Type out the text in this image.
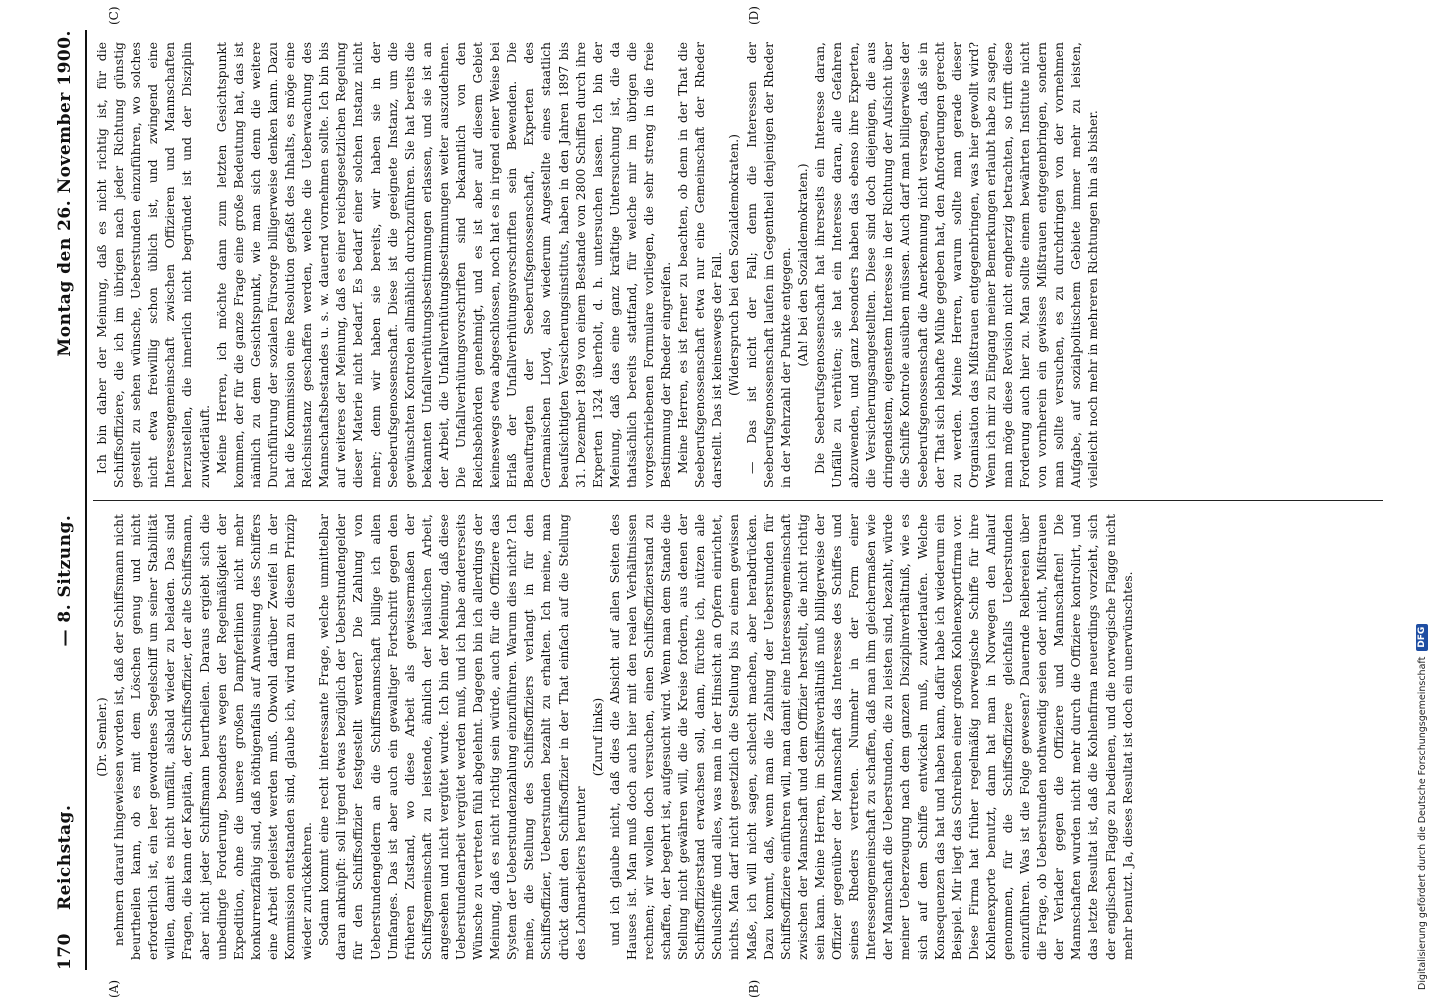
170
Reichstag.
— 8. Sitzung.
Montag den 26. November 1900.
(A)	(B)
(C)	(D)

(Dr. Semler.) nehmern darauf hingewiesen worden ist, daß der Schiffsmann nicht beurtheilen kann, ob es mit dem Löschen genug und nicht erforderlich ist, ein leer gewordenes Segelschiff um seiner Stabilität willen, damit es nicht umfällt, alsbald wieder zu beladen. Das sind Fragen, die kann der Kapitän, der Schiffsoffizier, der alte Schiffsmann, aber nicht jeder Schiffsmann beurtheilen. Daraus ergiebt sich die unbedingte Forderung, besonders wegen der Regelmäßigkeit der Expedition, ohne die unsere großen Dampferlinien nicht mehr konkurrenzfähig sind, daß nöthigenfalls auf Anweisung des Schiffers eine Arbeit geleistet werden muß. Obwohl darüber Zweifel in der Kommission entstanden sind, glaube ich, wird man zu diesem Prinzip wieder zurückkehren. Sodann kommt eine recht interessante Frage, welche unmittelbar daran anknüpft: soll irgend etwas bezüglich der Ueberstundengelder für den Schiffsoffizier festgestellt werden? Die Zahlung von Ueberstundengeldern an die Schiffsmannschaft billige ich allen Umfanges. Das ist aber auch ein gewaltiger Fortschritt gegen den früheren Zustand, wo diese Arbeit als gewissermaßen der Schiffsgemeinschaft zu leistende, ähnlich der häuslichen Arbeit, angesehen und nicht vergütet wurde. Ich bin der Meinung, daß diese Ueberstundenarbeit vergütet werden muß, und ich habe andererseits Wünsche zu vertreten fühl abgelehnt. Dagegen bin ich allerdings der Meinung, daß es nicht richtig sein würde, auch für die Offiziere das System der Ueberstundenzahlung einzuführen. Warum dies nicht? Ich meine, die Stellung des Schiffsoffiziers verlangt in für den Schiffsoffizier, Ueberstunden bezahlt zu erhalten. Ich meine, man drückt damit den Schiffsoffizier in der That einfach auf die Stellung des Lohnarbeiters herunter

(Zuruf links) und ich glaube nicht, daß dies die Absicht auf allen Seiten des Hauses ist. Man muß doch auch hier mit den realen Verhältnissen rechnen; wir wollen doch versuchen, einen Schiffsoffizierstand zu schaffen, der begehrt ist, aufgesucht wird. Wenn man dem Stande die Stellung nicht gewähren will, die die Kreise fordern, aus denen der Schiffsoffizierstand erwachsen soll, dann, fürchte ich, nützen alle Schulschiffe und alles, was man in der Hinsicht an Opfern einrichtet, nichts. Man darf nicht gesetzlich die Stellung bis zu einem gewissen Maße, ich will nicht sagen, schlecht machen, aber herabdrücken. Dazu kommt, daß, wenn man die Zahlung der Ueberstunden für Schiffsoffiziere einführen will, man damit eine Interessengemeinschaft zwischen der Mannschaft und dem Offizier herstellt, die nicht richtig sein kann. Meine Herren, im Schiffsverhältniß muß billigerweise der Offizier gegenüber der Mannschaft das Interesse des Schiffes und seines Rheders vertreten. Nunmehr in der Form einer Interessengemeinschaft zu schaffen, daß man ihm gleichermaßen wie der Mannschaft die Ueberstunden, die zu leisten sind, bezahlt, würde meiner Ueberzeugung nach dem ganzen Disziplinverhältniß, wie es sich auf dem Schiffe entwickeln muß, zuwiderlaufen. Welche Konsequenzen das hat und haben kann, dafür habe ich wiederum ein Beispiel. Mir liegt das Schreiben einer großen Kohlenexportfirma vor. Diese Firma hat früher regelmäßig norwegische Schiffe für ihre Kohlenexporte benutzt, dann hat man in Norwegen den Anlauf genommen, für die Schiffsoffiziere gleichfalls Ueberstunden einzuführen. Was ist die Folge gewesen? Dauernde Reibereien über die Frage, ob Ueberstunden nothwendig seien oder nicht, Mißtrauen der Verlader gegen die Offiziere und Mannschaften! Die Mannschaften wurden nicht mehr durch die Offiziere kontrolirt, und das letzte Resultat ist, daß die Kohlenfirma neuerdings vorzieht, sich der englischen Flagge zu bedienen, und die norwegische Flagge nicht mehr benutzt. Ja, dieses Resultat ist doch ein unerwünschtes.

Ich bin daher der Meinung, daß es nicht richtig ist, für die Schiffsoffiziere, die ich im übrigen nach jeder Richtung günstig gestellt zu sehen wünsche, Ueberstunden einzuführen, wo solches nicht etwa freiwillig schon üblich ist, und zwingend eine Interessengemeinschaft zwischen Offizieren und Mannschaften herzustellen, die innerlich nicht begründet ist und der Disziplin zuwiderläuft. Meine Herren, ich möchte dann zum letzten Gesichtspunkt kommen, der für die ganze Frage eine große Bedeutung hat, das ist nämlich zu dem Gesichtspunkt, wie man sich denn die weitere Durchführung der sozialen Fürsorge billigerweise denken kann. Dazu hat die Kommission eine Resolution gefaßt des Inhalts, es möge eine Reichsinstanz geschaffen werden, welche die Ueberwachung des Mannschaftsbestandes u. s. w. dauernd vornehmen sollte. Ich bin bis auf weiteres der Meinung, daß es einer reichsgesetzlichen Regelung dieser Materie nicht bedarf. Es bedarf einer solchen Instanz nicht mehr; denn wir haben sie bereits, wir haben sie in der Seeberufsgenossenschaft. Diese ist die geeignete Instanz, um die gewünschten Kontrolen allmählich durchzuführen. Sie hat bereits die bekannten Unfallverhütungsbestimmungen erlassen, und sie ist an der Arbeit, die Unfallverhütungsbestimmungen weiter auszudehnen. Die Unfallverhütungsvorschriften sind bekanntlich von den Reichsbehörden genehmigt, und es ist aber auf diesem Gebiet keineswegs etwa abgeschlossen, noch hat es in irgend einer Weise bei Erlaß der Unfallverhütungsvorschriften sein Bewenden. Die Beauftragten der Seeberufsgenossenschaft, Experten des Germanischen Lloyd, also wiederum Angestellte eines staatlich beaufsichtigten Versicherungsinstituts, haben in den Jahren 1897 bis 31. Dezember 1899 von einem Bestande von 2800 Schiffen durch ihre Experten 1324 überholt, d. h. untersuchen lassen. Ich bin der Meinung, daß das eine ganz kräftige Untersuchung ist, die da thatsächlich bereits stattfand, für welche mir im übrigen die vorgeschriebenen Formulare vorliegen, die sehr streng in die freie Bestimmung der Rheder eingreifen. Meine Herren, es ist ferner zu beachten, ob denn in der That die Seeberufsgenossenschaft etwa nur eine Gemeinschaft der Rheder darstellt. Das ist keineswegs der Fall. (Widerspruch bei den Sozialdemokraten.) — Das ist nicht der Fall; denn die Interessen der Seeberufsgenossenschaft laufen im Gegentheil denjenigen der Rheder in der Mehrzahl der Punkte entgegen. (Ah! bei den Sozialdemokraten.) Die Seeberufsgenossenschaft hat ihrerseits ein Interesse daran, Unfälle zu verhüten; sie hat ein Interesse daran, alle Gefahren abzuwenden, und ganz besonders haben das ebenso ihre Experten, die Versicherungsangestellten. Diese sind doch diejenigen, die aus dringendstem, eigenstem Interesse in der Richtung der Aufsicht über die Schiffe Kontrole ausüben müssen. Auch darf man billigerweise der Seeberufsgenossenschaft die Anerkennung nicht versagen, daß sie in der That sich lebhafte Mühe gegeben hat, den Anforderungen gerecht zu werden. Meine Herren, warum sollte man gerade dieser Organisation das Mißtrauen entgegenbringen, was hier gewollt wird? Wenn ich mir zu Eingang meiner Bemerkungen erlaubt habe zu sagen, man möge diese Revision nicht engherzig betrachten, so trifft diese Forderung auch hier zu. Man sollte einem bewährten Institute nicht von vornherein ein gewisses Mißtrauen entgegenbringen, sondern man sollte versuchen, es zu durchdringen von der vornehmen Aufgabe, auf sozialpolitischem Gebiete immer mehr zu leisten, vielleicht noch mehr in mehreren Richtungen hin als bisher.

Digitalisierung gefördert durch die Deutsche Forschungsgemeinschaft
DFG
